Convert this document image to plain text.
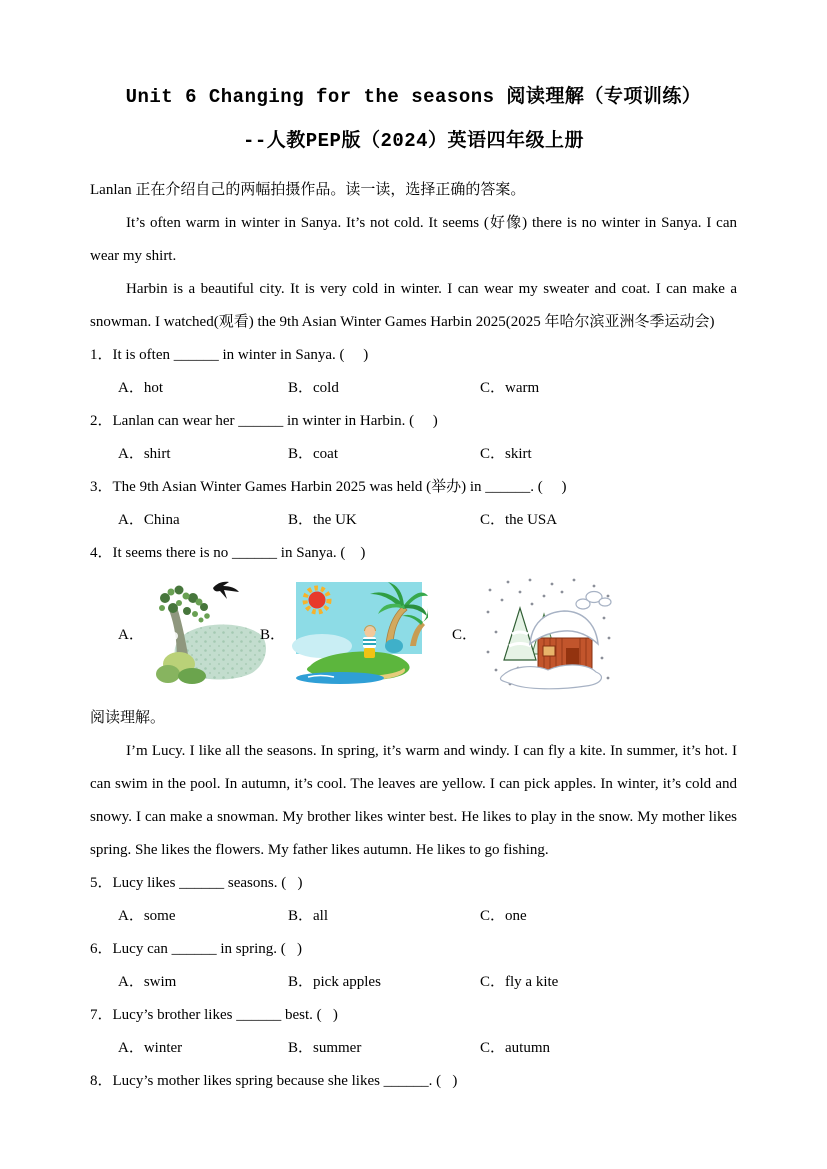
Unit 6 Changing for the seasons 阅读理解（专项训练）
--人教PEP版（2024）英语四年级上册

Lanlan 正在介绍自己的两幅拍摄作品。读一读，选择正确的答案。

It’s often warm in winter in Sanya. It’s not cold. It seems (好像) there is no winter in Sanya. I can wear my shirt.

Harbin is a beautiful city. It is very cold in winter. I can wear my sweater and coat. I can make a snowman. I watched(观看) the 9th Asian Winter Games Harbin 2025(2025 年哈尔滨亚洲冬季运动会)

1．It is often ______ in winter in Sanya. (     )

A．hot	B．cold	C．warm

2．Lanlan can wear her ______ in winter in Harbin. (     )

A．shirt	B．coat	C．skirt

3．The 9th Asian Winter Games Harbin 2025 was held (举办) in ______. (     )

A．China	B．the UK	C．the USA

4．It seems there is no ______ in Sanya. (    )

A．	B．	C．

阅读理解。

I’m Lucy. I like all the seasons. In spring, it’s warm and windy. I can fly a kite. In summer, it’s hot. I can swim in the pool. In autumn, it’s cool. The leaves are yellow. I can pick apples. In winter, it’s cold and snowy. I can make a snowman. My brother likes winter best. He likes to play in the snow. My mother likes spring. She likes the flowers. My father likes autumn. He likes to go fishing.

5．Lucy likes ______ seasons. (   )

A．some	B．all	C．one

6．Lucy can ______ in spring. (   )

A．swim	B．pick apples	C．fly a kite

7．Lucy’s brother likes ______ best. (   )

A．winter	B．summer	C．autumn

8．Lucy’s mother likes spring because she likes ______. (   )
